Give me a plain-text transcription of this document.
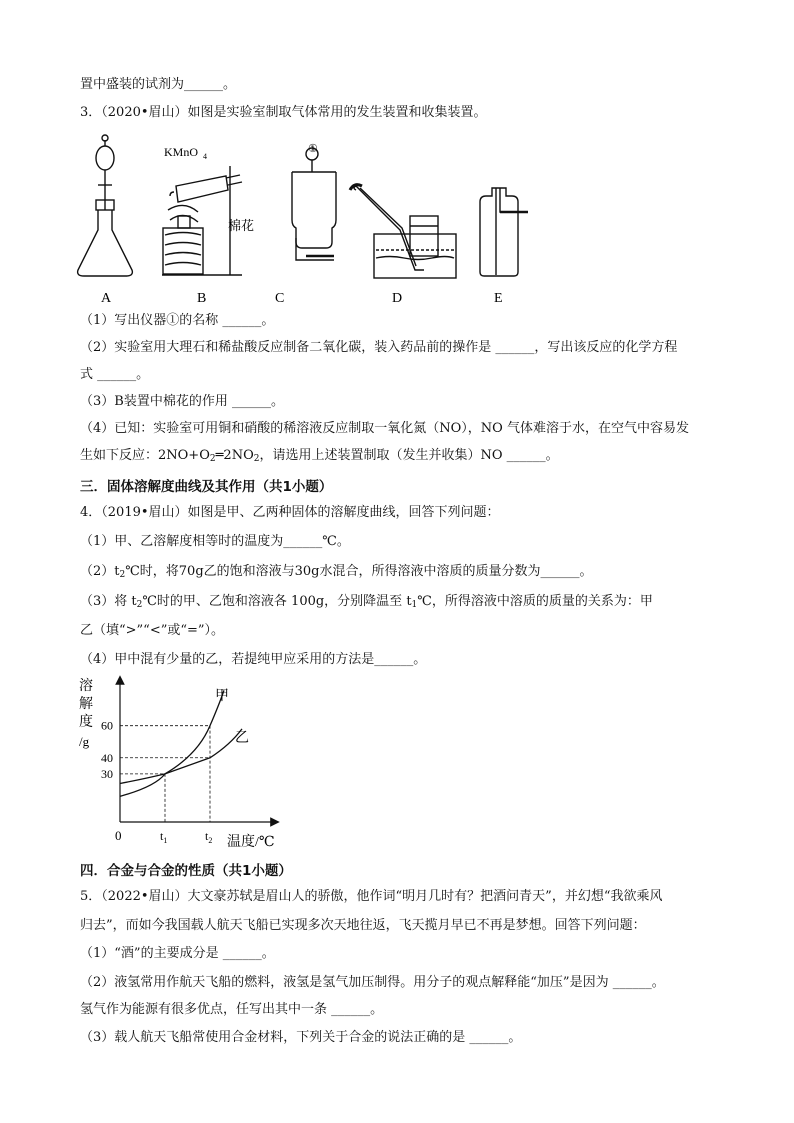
置中盛装的试剂为______。
3．（2020•眉山）如图是实验室制取气体常用的发生装置和收集装置。
A	B	C	D	E
KMnO 4
棉花
①
（1）写出仪器①的名称 ______。
（2）实验室用大理石和稀盐酸反应制备二氧化碳，装入药品前的操作是 ______，写出该反应的化学方程
式 ______。
（3）B装置中棉花的作用 ______。
（4）已知：实验室可用铜和硝酸的稀溶液反应制取一氧化氮（NO），NO 气体难溶于水，在空气中容易发
生如下反应：$2NO+O_2═2NO_2$，请选用上述装置制取（发生并收集）NO ______。
三．固体溶解度曲线及其作用（共1小题）
4．（2019•眉山）如图是甲、乙两种固体的溶解度曲线，回答下列问题：
（1）甲、乙溶解度相等时的温度为______℃。
$(2)t_2℃$时，将70g乙的饱和溶液与30g水混合，所得溶液中溶质的质量分数为______。
（3）将 $t_2℃$时的甲、乙饱和溶液各 100g，分别降温至 $t_1℃$，所得溶液中溶质的质量的关系为：甲
乙（填“>”“<”或“=”）。
（4）甲中混有少量的乙，若提纯甲应采用的方法是______。
溶
解
度
/g
温度/℃
0
30
40
60
$t_1$	$t_2$
甲
乙
四．合金与合金的性质（共1小题）
5．（2022•眉山）大文豪苏轼是眉山人的骄傲，他作词“明月几时有？把酒问青天”，并幻想“我欲乘风
归去”，而如今我国载人航天飞船已实现多次天地往返，飞天揽月早已不再是梦想。回答下列问题：
（1）“酒”的主要成分是 ______。
（2）液氢常用作航天飞船的燃料，液氢是氢气加压制得。用分子的观点解释能“加压”是因为 ______。
氢气作为能源有很多优点，任写出其中一条 ______。
（3）载人航天飞船常使用合金材料，下列关于合金的说法正确的是 ______。
